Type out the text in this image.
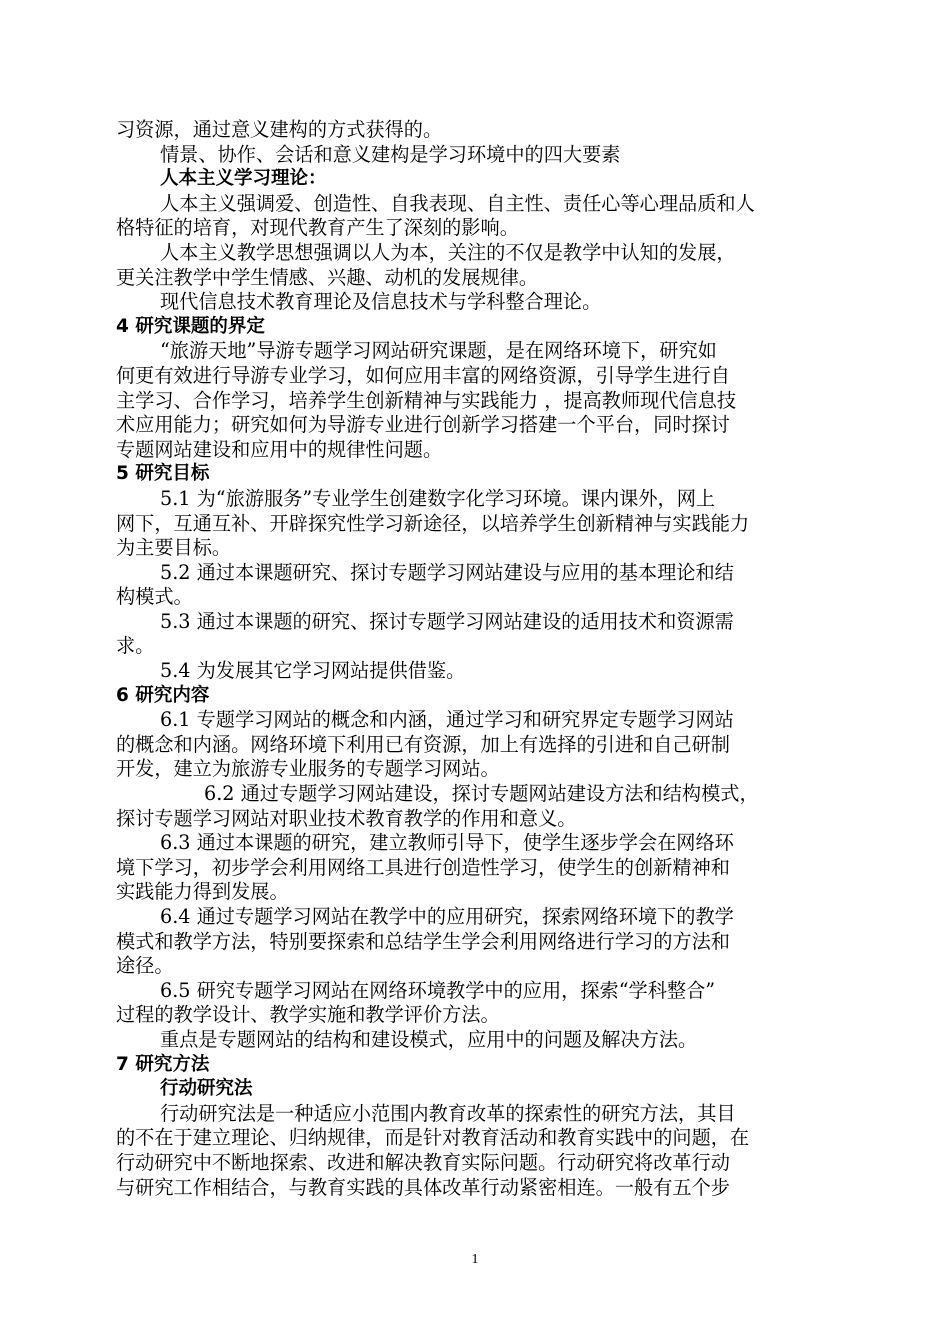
习资源，通过意义建构的方式获得的。
情景、协作、会话和意义建构是学习环境中的四大要素
人本主义学习理论：
人本主义强调爱、创造性、自我表现、自主性、责任心等心理品质和人
格特征的培育，对现代教育产生了深刻的影响。
人本主义教学思想强调以人为本，关注的不仅是教学中认知的发展，
更关注教学中学生情感、兴趣、动机的发展规律。
现代信息技术教育理论及信息技术与学科整合理论。
4 研究课题的界定
“旅游天地”导游专题学习网站研究课题，是在网络环境下，研究如
何更有效进行导游专业学习，如何应用丰富的网络资源，引导学生进行自
主学习、合作学习，培养学生创新精神与实践能力 ，提高教师现代信息技
术应用能力；研究如何为导游专业进行创新学习搭建一个平台，同时探讨
专题网站建设和应用中的规律性问题。
5 研究目标
5.1 为“旅游服务”专业学生创建数字化学习环境。课内课外，网上
网下，互通互补、开辟探究性学习新途径，以培养学生创新精神与实践能力
为主要目标。
5.2 通过本课题研究、探讨专题学习网站建设与应用的基本理论和结
构模式。
5.3 通过本课题的研究、探讨专题学习网站建设的适用技术和资源需
求。
5.4 为发展其它学习网站提供借鉴。
6 研究内容
6.1 专题学习网站的概念和内涵，通过学习和研究界定专题学习网站
的概念和内涵。网络环境下利用已有资源，加上有选择的引进和自己研制
开发，建立为旅游专业服务的专题学习网站。
6.2 通过专题学习网站建设，探讨专题网站建设方法和结构模式，
探讨专题学习网站对职业技术教育教学的作用和意义。
6.3 通过本课题的研究，建立教师引导下，使学生逐步学会在网络环
境下学习，初步学会利用网络工具进行创造性学习，使学生的创新精神和
实践能力得到发展。
6.4 通过专题学习网站在教学中的应用研究，探索网络环境下的教学
模式和教学方法，特别要探索和总结学生学会利用网络进行学习的方法和
途径。
6.5 研究专题学习网站在网络环境教学中的应用，探索“学科整合”
过程的教学设计、教学实施和教学评价方法。
重点是专题网站的结构和建设模式，应用中的问题及解决方法。
7 研究方法
行动研究法
行动研究法是一种适应小范围内教育改革的探索性的研究方法，其目
的不在于建立理论、归纳规律，而是针对教育活动和教育实践中的问题，在
行动研究中不断地探索、改进和解决教育实际问题。行动研究将改革行动
与研究工作相结合，与教育实践的具体改革行动紧密相连。一般有五个步
1
